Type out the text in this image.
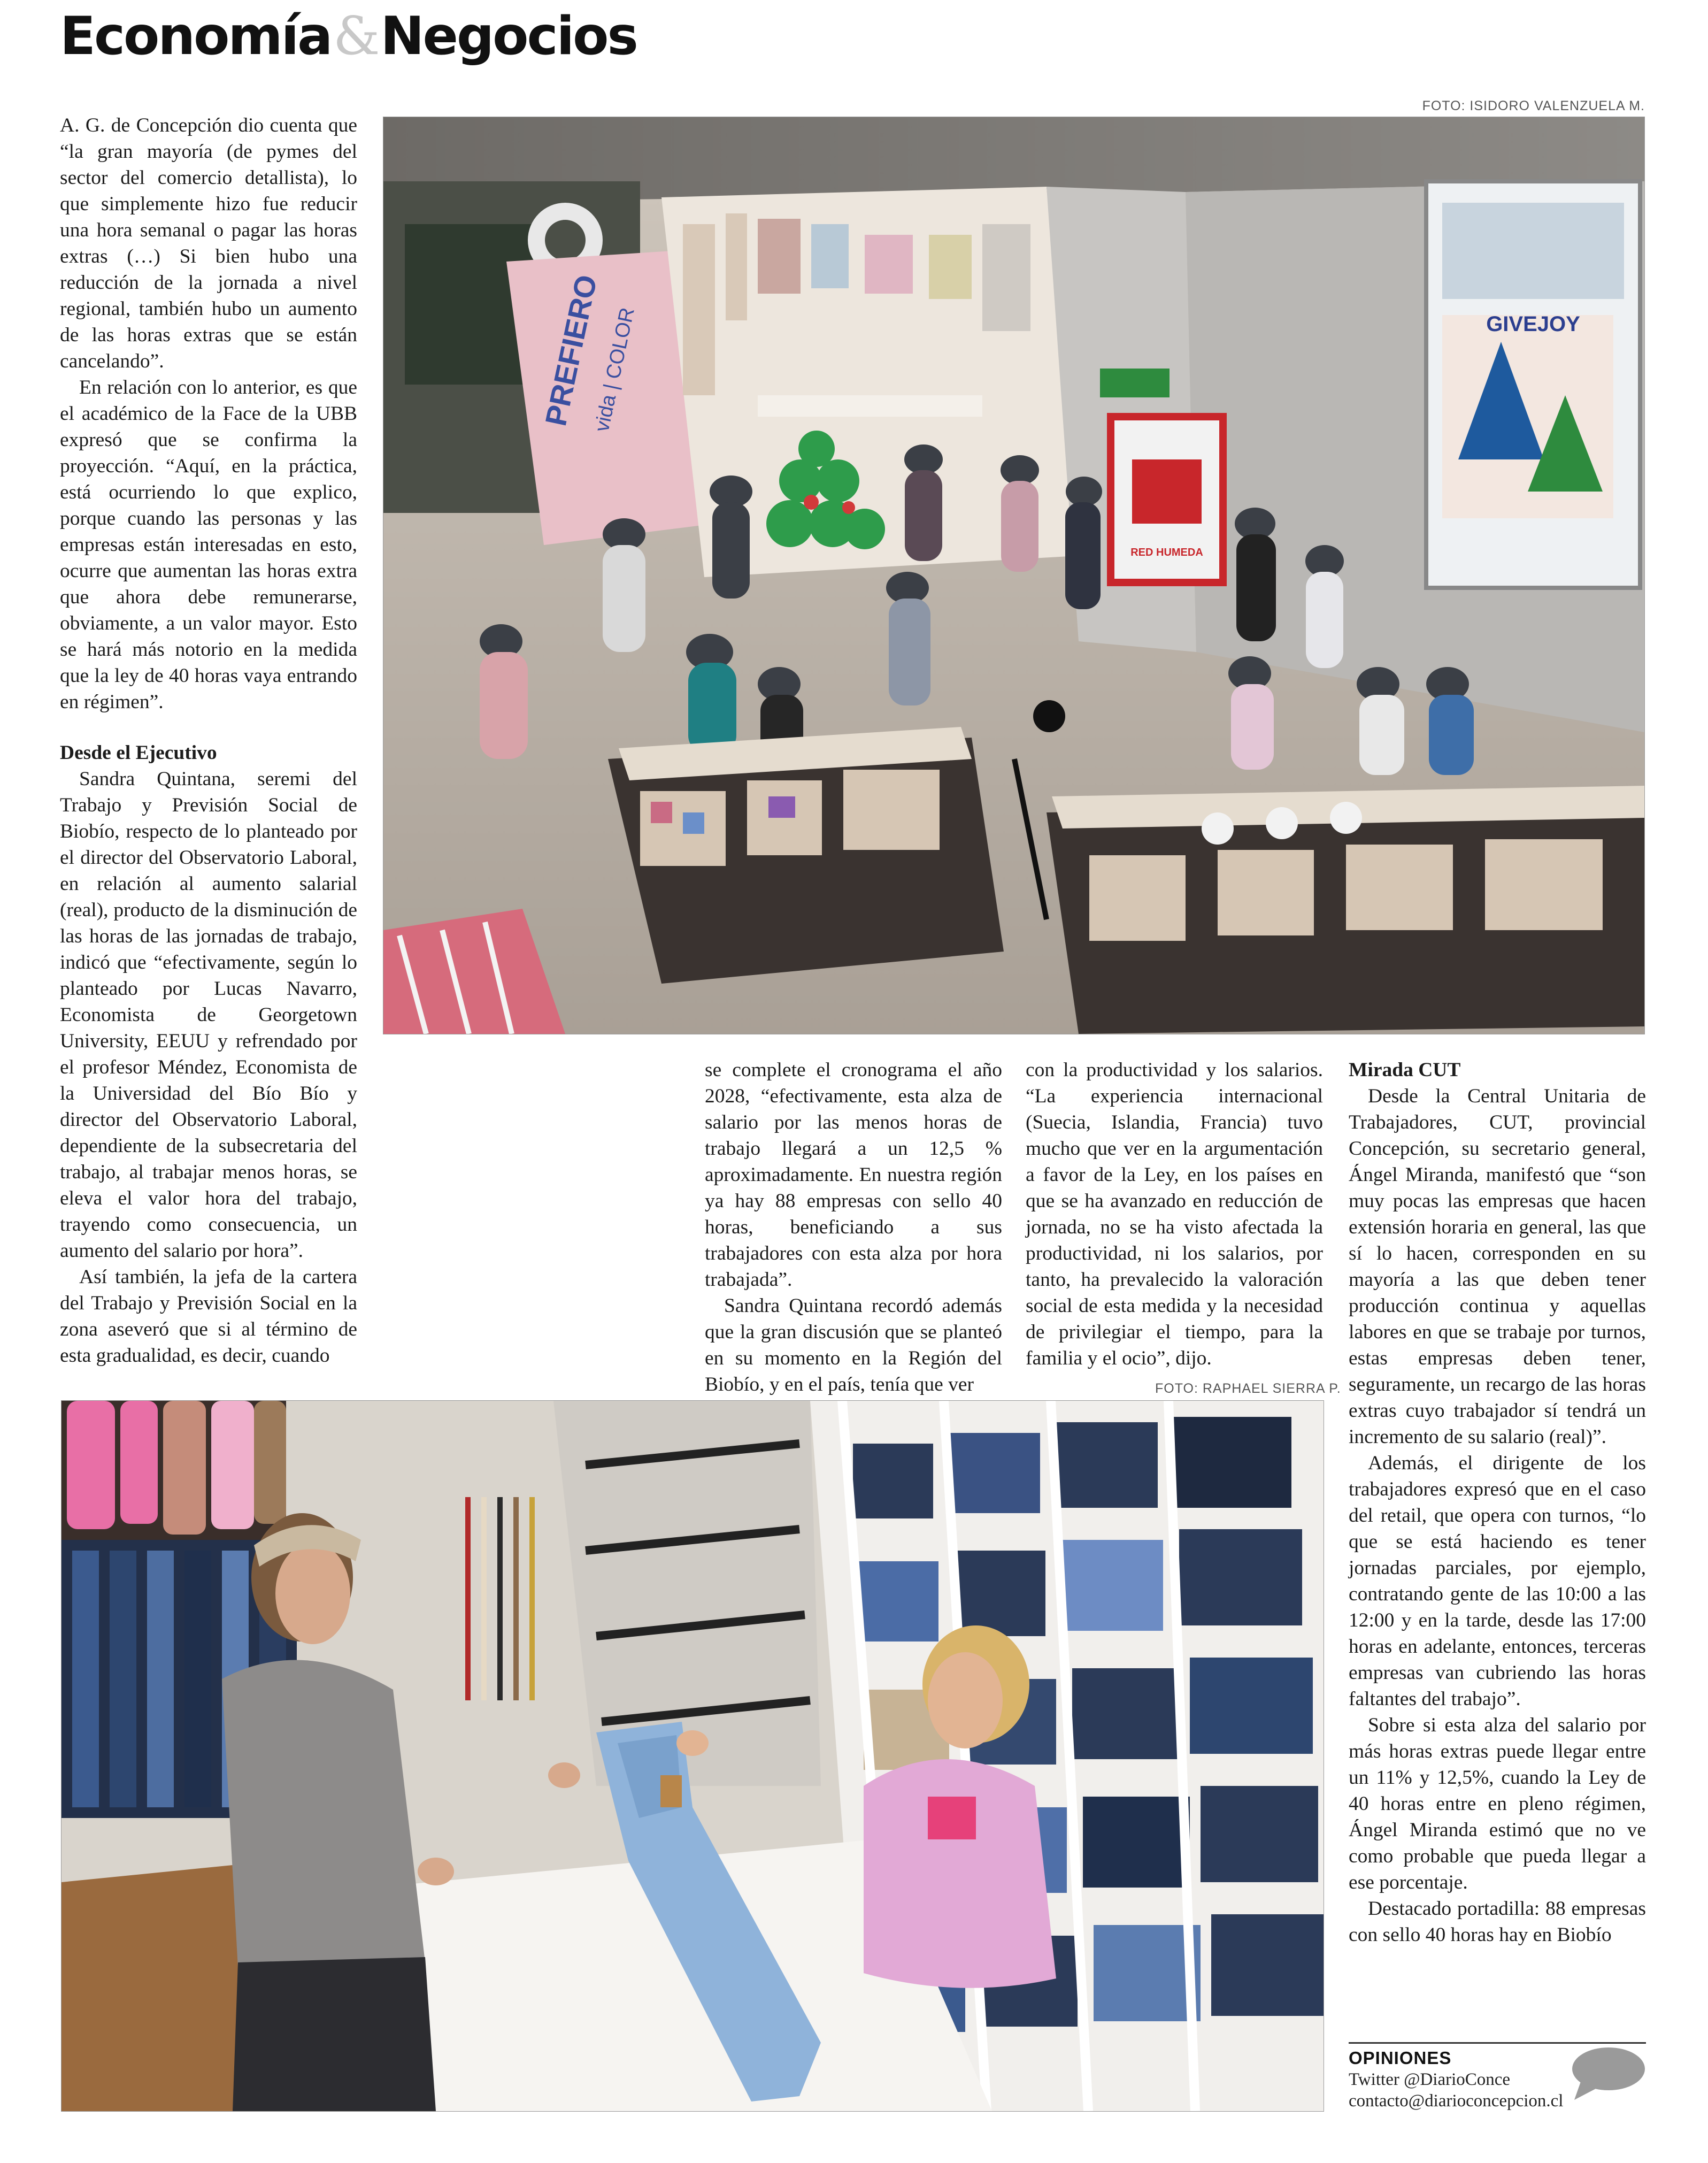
Economía&Negocios
FOTO: ISIDORO VALENZUELA M.
PREFIERO
vida | COLOR
RED HUMEDA
GIVEJOY

A. G. de Concepción dio cuenta que “la gran mayoría (de pymes del sector del comercio detallista), lo que simplemente hizo fue reducir una hora semanal o pagar las horas extras (…) Si bien hubo una reducción de la jornada a nivel regional, también hubo un aumento de las horas extras que se están cancelando”.

En relación con lo anterior, es que el académico de la Face de la UBB expresó que se confirma la proyección. “Aquí, en la práctica, está ocurriendo lo que explico, porque cuando las personas y las empresas están interesadas en esto, ocurre que aumentan las horas extra que ahora debe remunerarse, obviamente, a un valor mayor. Esto se hará más notorio en la medida que la ley de 40 horas vaya entrando en régimen”.

Desde el Ejecutivo

Sandra Quintana, seremi del Trabajo y Previsión Social de Biobío, respecto de lo planteado por el director del Observatorio Laboral, en relación al aumento salarial (real), producto de la disminución de las horas de las jornadas de trabajo, indicó que “efectivamente, según lo planteado por Lucas Navarro, Economista de Georgetown University, EEUU y refrendado por el profesor Méndez, Economista de la Universidad del Bío Bío y director del Observatorio Laboral, dependiente de la subsecretaria del trabajo, al trabajar menos horas, se eleva el valor hora del trabajo, trayendo como consecuencia, un aumento del salario por hora”.

Así también, la jefa de la cartera del Trabajo y Previsión Social en la zona aseveró que si al término de esta gradualidad, es decir, cuando

se complete el cronograma el año 2028, “efectivamente, esta alza de salario por las menos horas de trabajo llegará a un 12,5 % aproximadamente. En nuestra región ya hay 88 empresas con sello 40 horas, beneficiando a sus trabajadores con esta alza por hora trabajada”.

Sandra Quintana recordó además que la gran discusión que se planteó en su momento en la Región del Biobío, y en el país, tenía que ver

con la productividad y los salarios. “La experiencia internacional (Suecia, Islandia, Francia) tuvo mucho que ver en la argumentación a favor de la Ley, en los países en que se ha avanzado en reducción de jornada, no se ha visto afectada la productividad, ni los salarios, por tanto, ha prevalecido la valoración social de esta medida y la necesidad de privilegiar el tiempo, para la familia y el ocio”, dijo.

FOTO: RAPHAEL SIERRA P.
Mirada CUT

Desde la Central Unitaria de Trabajadores, CUT, provincial Concepción, su secretario general, Ángel Miranda, manifestó que “son muy pocas las empresas que hacen extensión horaria en general, las que sí lo hacen, corresponden en su mayoría a las que deben tener producción continua y aquellas labores en que se trabaje por turnos, estas empresas deben tener, seguramente, un recargo de las horas extras cuyo trabajador sí tendrá un incremento de su salario (real)”.

Además, el dirigente de los trabajadores expresó que en el caso del retail, que opera con turnos, “lo que se está haciendo es tener jornadas parciales, por ejemplo, contratando gente de las 10:00 a las 12:00 y en la tarde, desde las 17:00 horas en adelante, entonces, terceras empresas van cubriendo las horas faltantes del trabajo”.

Sobre si esta alza del salario por más horas extras puede llegar entre un 11% y 12,5%, cuando la Ley de 40 horas entre en pleno régimen, Ángel Miranda estimó que no ve como probable que pueda llegar a ese porcentaje.

Destacado portadilla: 88 empresas con sello 40 horas hay en Biobío

OPINIONES
Twitter @DiarioConce
contacto@diarioconcepcion.cl
